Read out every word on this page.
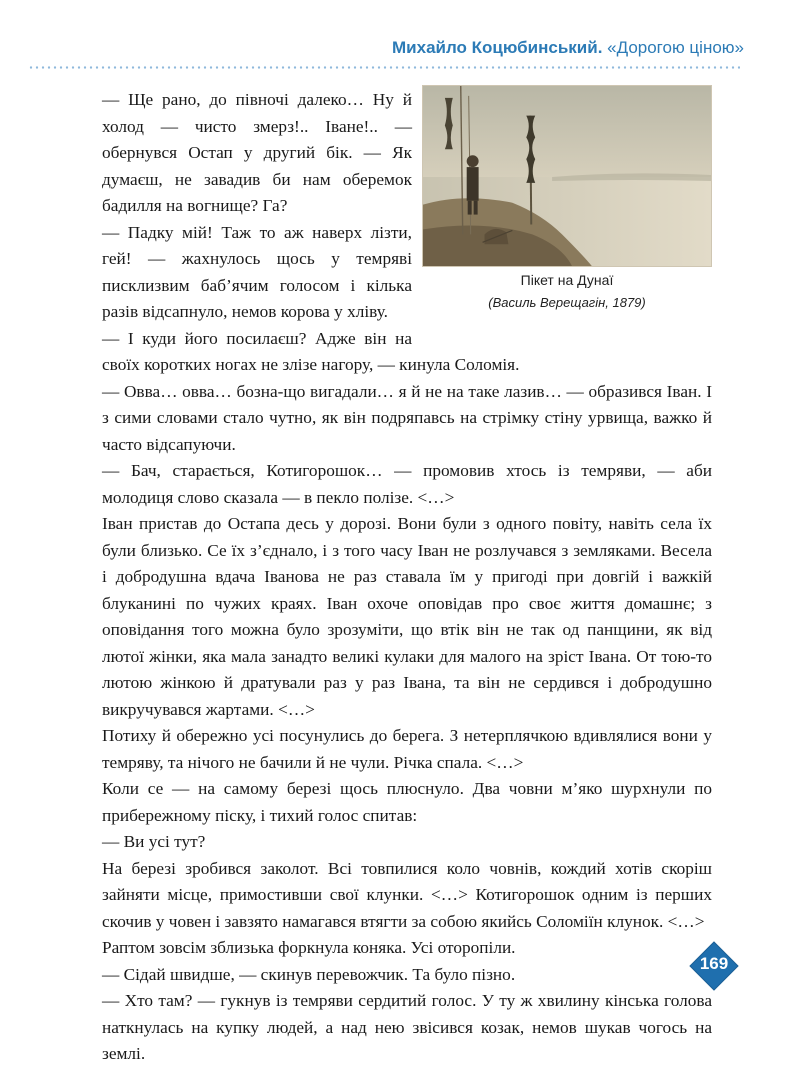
Михайло Коцюбинський. «Дорогою ціною»
Пікет на Дунаї
(Василь Верещагін, 1879)

— Ще рано, до півночі далеко… Ну й холод — чисто змерз!.. Іване!.. — обернувся Остап у другий бік. — Як думаєш, не завадив би нам оберемок бадилля на вогнище? Га?

— Падку мій! Таж то аж наверх лізти, гей! — жахнулось щось у темряві писклизвим баб’ячим голосом і кілька разів відсапнуло, немов корова у хліву.

— І куди його посилаєш? Адже він на своїх коротких ногах не злізе нагору, — кинула Соломія.

— Овва… овва… бозна-що вигадали… я й не на таке лазив… — образився Іван. І з сими словами стало чутно, як він подряпавсь на стрімку стіну урвища, важко й часто відсапуючи.

— Бач, старається, Котигорошок… — промовив хтось із темряви, — аби молодиця слово сказала — в пекло полізе. <…>

Іван пристав до Остапа десь у дорозі. Вони були з одного повіту, навіть села їх були близько. Се їх з’єднало, і з того часу Іван не розлучався з земляками. Весела і добродушна вдача Іванова не раз ставала їм у пригоді при довгій і важкій блуканині по чужих краях. Іван охоче оповідав про своє життя домашнє; з оповідання того можна було зрозуміти, що втік він не так од панщини, як від лютої жінки, яка мала занадто великі кулаки для малого на зріст Івана. От тою-то лютою жінкою й дратували раз у раз Івана, та він не сердився і добродушно викручувався жартами. <…>

Потиху й обережно усі посунулись до берега. З нетерплячкою вдивлялися вони у темряву, та нічого не бачили й не чули. Річка спала. <…>

Коли се — на самому березі щось плюснуло. Два човни м’яко шурхнули по прибережному піску, і тихий голос спитав:

— Ви усі тут?

На березі зробився заколот. Всі товпилися коло човнів, кождий хотів скоріш зайняти місце, примостивши свої клунки. <…> Котигорошок одним із перших скочив у човен і завзято намагався втягти за собою якийсь Соломіїн клунок. <…>

Раптом зовсім зблизька форкнула коняка. Усі оторопіли.

— Сідай швидше, — скинув перевожчик. Та було пізно.

— Хто там? — гукнув із темряви сердитий голос. У ту ж хвилину кінська голова наткнулась на купку людей, а над нею звісився козак, немов шукав чогось на землі.

169
